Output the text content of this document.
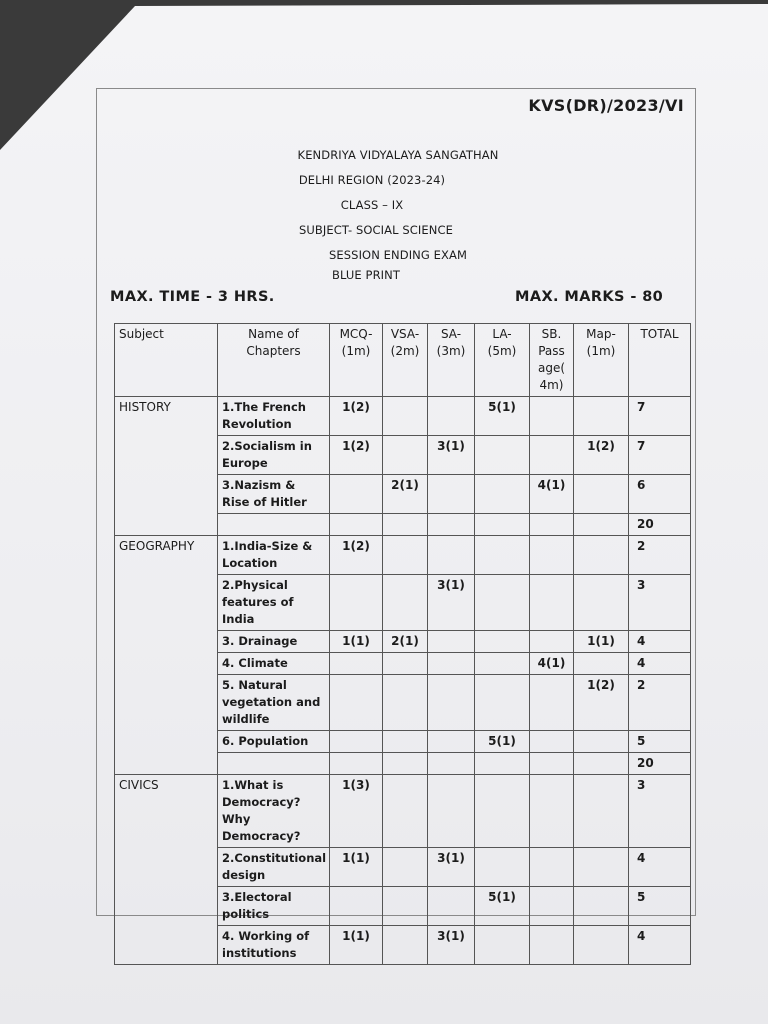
KVS(DR)/2023/VI
KENDRIYA VIDYALAYA SANGATHAN
DELHI REGION (2023-24)
CLASS – IX
SUBJECT- SOCIAL SCIENCE
SESSION ENDING EXAM
BLUE PRINT
MAX. TIME - 3 HRS.	MAX. MARKS - 80
Subject	Name of Chapters	MCQ-(1m)	VSA-(2m)	SA-(3m)	LA-(5m)	SB. Pass age( 4m)	Map-(1m)	TOTAL
HISTORY	1.The French Revolution	1(2)			5(1)			7
	2.Socialism in Europe	1(2)		3(1)			1(2)	7
	3.Nazism & Rise of Hitler		2(1)			4(1)		6
								20
GEOGRAPHY	1.India-Size & Location	1(2)						2
	2.Physical features of India			3(1)				3
	3. Drainage	1(1)	2(1)				1(1)	4
	4. Climate					4(1)		4
	5. Natural vegetation and wildlife						1(2)	2
	6. Population				5(1)			5
								20
CIVICS	1.What is Democracy? Why Democracy?	1(3)						3
	2.Constitutional design	1(1)		3(1)				4
	3.Electoral politics				5(1)			5
	4. Working of institutions	1(1)		3(1)				4
